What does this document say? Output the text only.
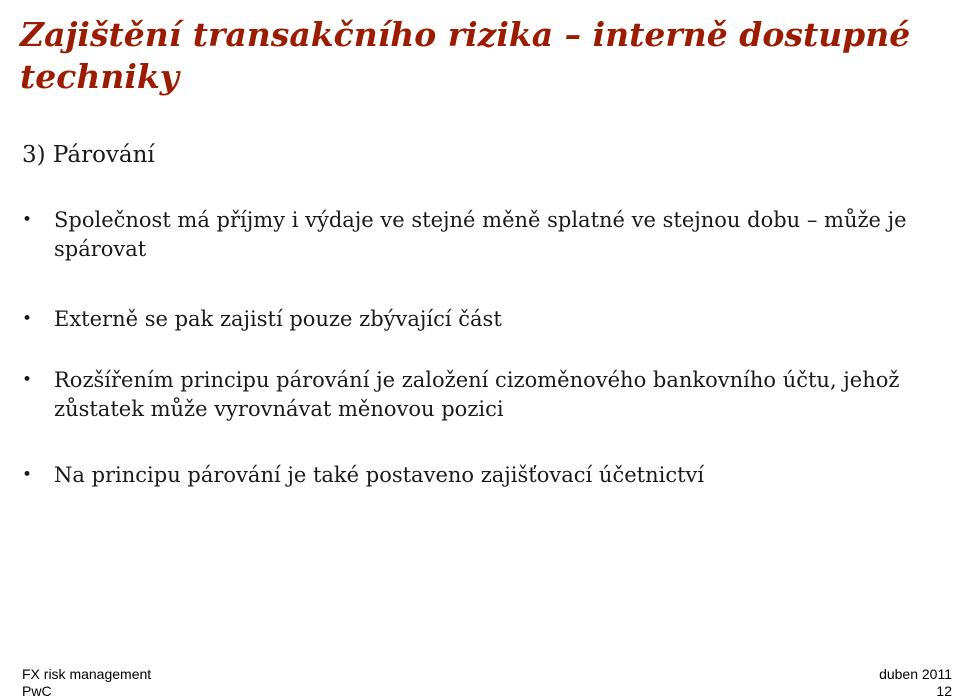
Zajištění transakčního rizika – interně dostupné techniky

3) Párování

•	Společnost má příjmy i výdaje ve stejné měně splatné ve stejnou dobu – může je spárovat
•	Externě se pak zajistí pouze zbývající část
•	Rozšířením principu párování je založení cizoměnového bankovního účtu, jehož zůstatek může vyrovnávat měnovou pozici
•	Na principu párování je také postaveno zajišťovací účetnictví
FX risk management
PwC
duben 2011
12
